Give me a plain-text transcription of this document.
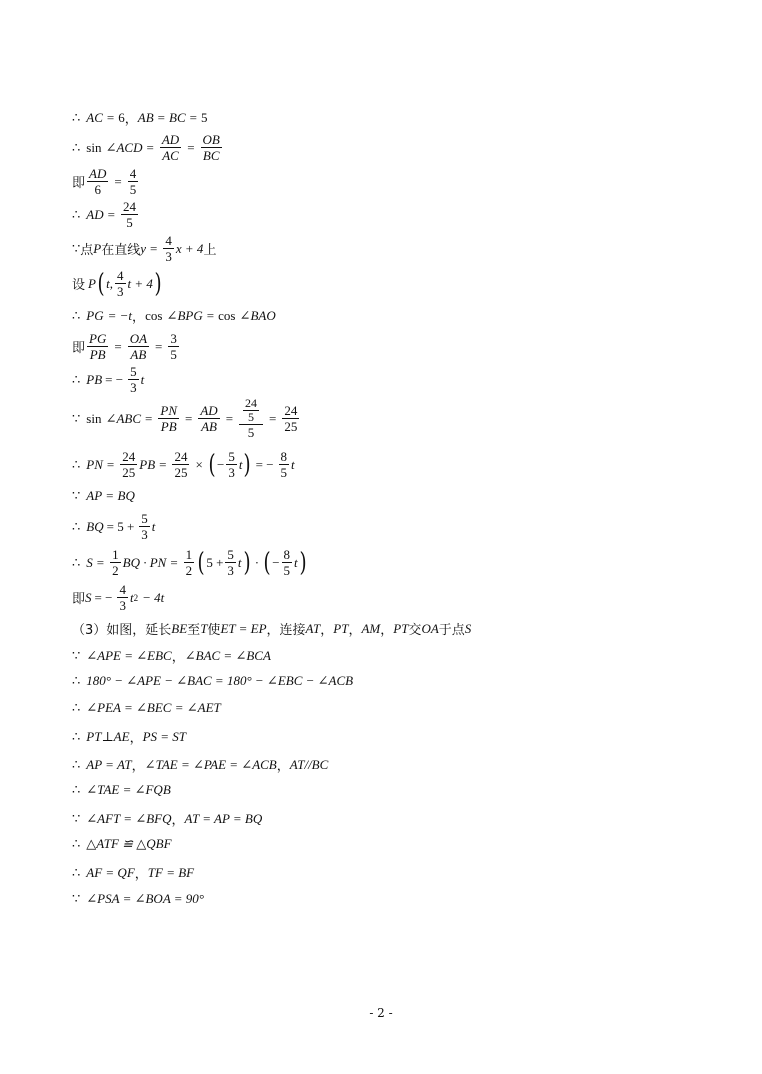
∴ AC = 6 ， AB = BC = 5
∴ sin
∠ACD = $\frac{AD}{AC} = \frac{OB}{BC}$
即 $\frac{AD}{6} = \frac{4}{5}$
∴ AD = $\frac{24}{5}$
∵ 点 P 在直线 $y = \frac{4}{3}$ x + 4 上
设 P ( t, $\frac{4}{3}$ t + 4 )
∴ PG = −t ， cos
∠BPG = cos
∠BAO
即 $\frac{PG}{PB} = \frac{OA}{AB} = \frac{3}{5}$
∴ PB = − $\frac{5}{3}$ t
∵ sin
∠ABC = $\frac{PN}{PB} = \frac{AD}{AB} = \frac{\frac{24}{5}}{5} = \frac{24}{25}$
∴ PN = $\frac{24}{25}$ PB = $\frac{24}{25}$ × ( − $\frac{5}{3}$ t ) = − $\frac{8}{5}$ t
∵ AP = BQ
∴ BQ = $5 + \frac{5}{3}$ t
∴ $S = \frac{1}{2}$ BQ · PN = $\frac{1}{2}$ ( $5 + \frac{5}{3}$ t ) · ( − $\frac{8}{5}$ t )
即 S = − $\frac{4}{3}$ t 2 − 4t
（3）如图，延长 BE 至 T 使 ET = EP ，连接 AT ， PT ， AM ， PT 交 OA 于点 S
∵ ∠APE = ∠EBC ， ∠BAC = ∠BCA
∴ 180° − ∠APE − ∠BAC = 180° − ∠EBC − ∠ACB
∴ ∠PEA = ∠BEC = ∠AET
∴ PT⊥AE ， PS = ST
∴ AP = AT ， ∠TAE = ∠PAE = ∠ACB ， AT//BC
∴ ∠TAE = ∠FQB
∵ ∠AFT = ∠BFQ ， AT = AP = BQ
∴ △ATF ≌ △QBF
∴ AF = QF ， TF = BF
∵ ∠PSA = ∠BOA = 90°
- 2 -
